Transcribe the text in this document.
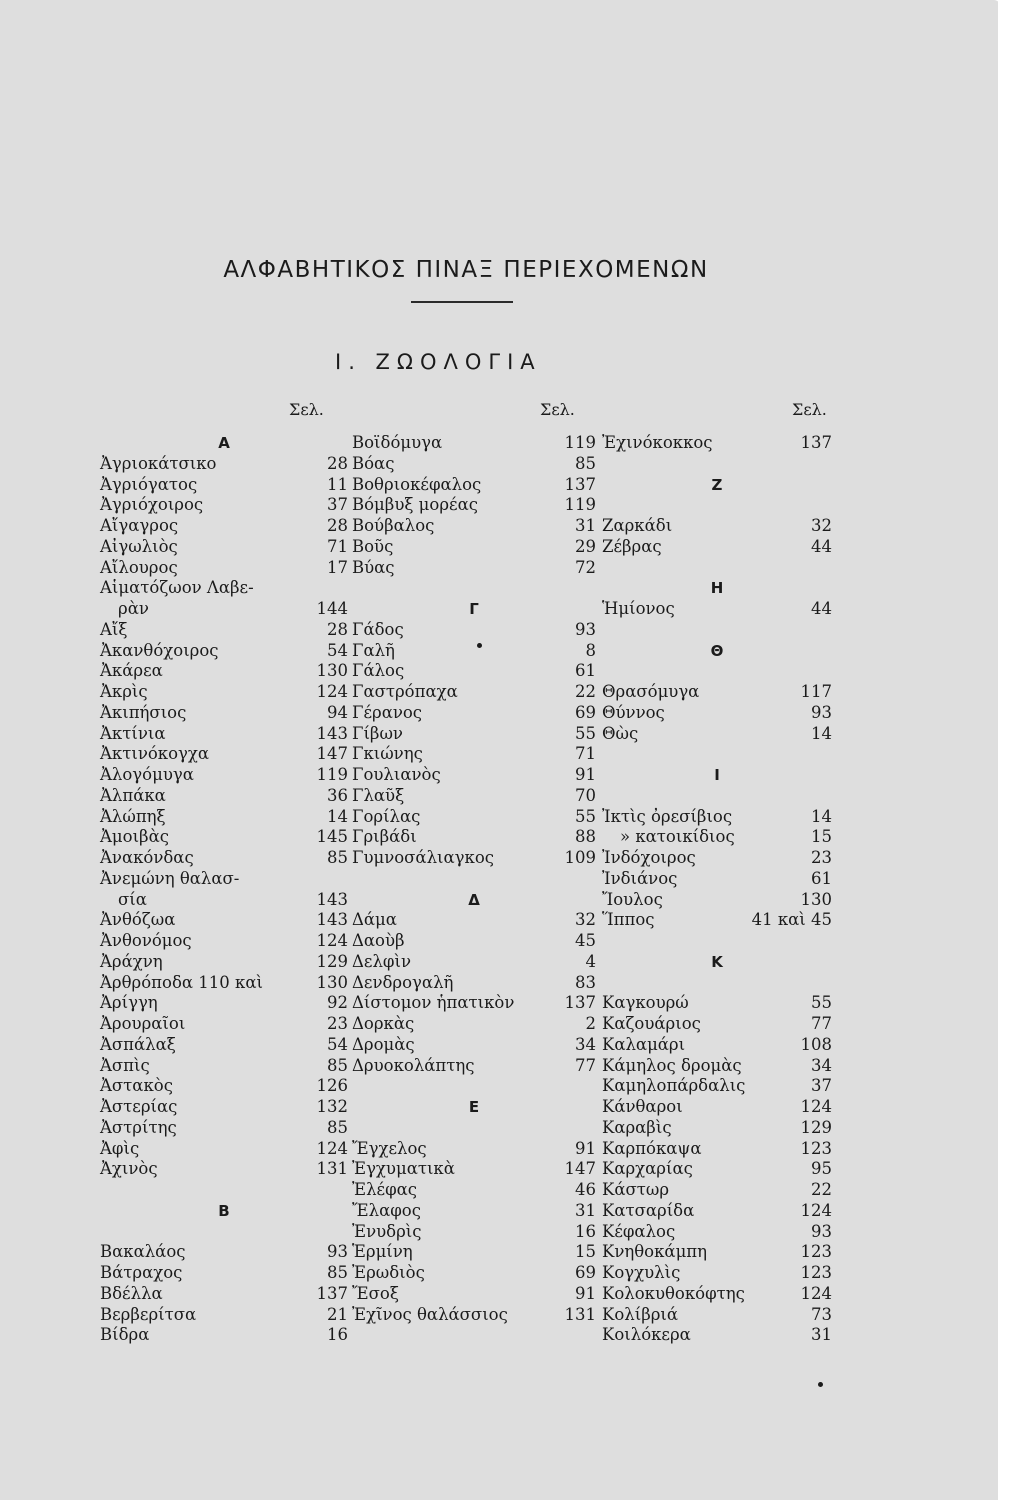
ΑΛΦΑΒΗΤΙΚΟΣ ΠΙΝΑΞ ΠΕΡΙΕΧΟΜΕΝΩΝ
Ι. ΖΩΟΛΟΓΙΑ
Σελ.	Σελ.	Σελ.
Α
Ἀγριοκάτσικο	28
Ἀγριόγατος	11
Ἀγριόχοιρος	37
Αἴγαγρος	28
Αἰγωλιὸς	71
Αἴλουρος	17
Αἱματόζωον Λαβε-
ρὰν	144
Αἴξ	28
Ἀκανθόχοιρος	54
Ἀκάρεα	130
Ἀκρὶς	124
Ἀκιπήσιος	94
Ἀκτίνια	143
Ἀκτινόκογχα	147
Ἀλογόμυγα	119
Ἀλπάκα	36
Ἀλώπηξ	14
Ἀμοιβὰς	145
Ἀνακόνδας	85
Ἀνεμώνη θαλασ-
σία	143
Ἀνθόζωα	143
Ἀνθονόμος	124
Ἀράχνη	129
Ἀρθρόποδα 110 καὶ	130
Ἀρίγγη	92
Ἀρουραῖοι	23
Ἀσπάλαξ	54
Ἀσπὶς	85
Ἀστακὸς	126
Ἀστερίας	132
Ἀστρίτης	85
Ἀφὶς	124
Ἀχινὸς	131
Β
Βακαλάος	93
Βάτραχος	85
Βδέλλα	137
Βερβερίτσα	21
Βίδρα	16
Βοϊδόμυγα	119
Βόας	85
Βοθριοκέφαλος	137
Βόμβυξ μορέας	119
Βούβαλος	31
Βοῦς	29
Βύας	72
Γ
Γάδος	93
Γαλῆ	8
Γάλος	61
Γαστρόπαχα	22
Γέρανος	69
Γίβων	55
Γκιώνης	71
Γουλιανὸς	91
Γλαῦξ	70
Γορίλας	55
Γριβάδι	88
Γυμνοσάλιαγκος	109
Δ
Δάμα	32
Δαοὺβ	45
Δελφὶν	4
Δενδρογαλῆ	83
Δίστομον ἡπατικὸν	137
Δορκὰς	2
Δρομὰς	34
Δρυοκολάπτης	77
Ε
Ἔγχελος	91
Ἐγχυματικὰ	147
Ἐλέφας	46
Ἔλαφος	31
Ἐνυδρὶς	16
Ἑρμίνη	15
Ἐρωδιὸς	69
Ἔσοξ	91
Ἐχῖνος θαλάσσιος	131
Ἐχινόκοκκος	137
Ζ
Ζαρκάδι	32
Ζέβρας	44
Η
Ἡμίονος	44
Θ
Θρασόμυγα	117
Θύννος	93
Θὼς	14
Ι
Ἰκτὶς ὀρεσίβιος	14
» κατοικίδιος	15
Ἰνδόχοιρος	23
Ἰνδιάνος	61
Ἴουλος	130
Ἵππος	41 καὶ 45
Κ
Καγκουρώ	55
Καζουάριος	77
Καλαμάρι	108
Κάμηλος δρομὰς	34
Καμηλοπάρδαλις	37
Κάνθαροι	124
Καραβὶς	129
Καρπόκαψα	123
Καρχαρίας	95
Κάστωρ	22
Κατσαρίδα	124
Κέφαλος	93
Κνηθοκάμπη	123
Κογχυλὶς	123
Κολοκυθοκόφτης	124
Κολίβριά	73
Κοιλόκερα	31
